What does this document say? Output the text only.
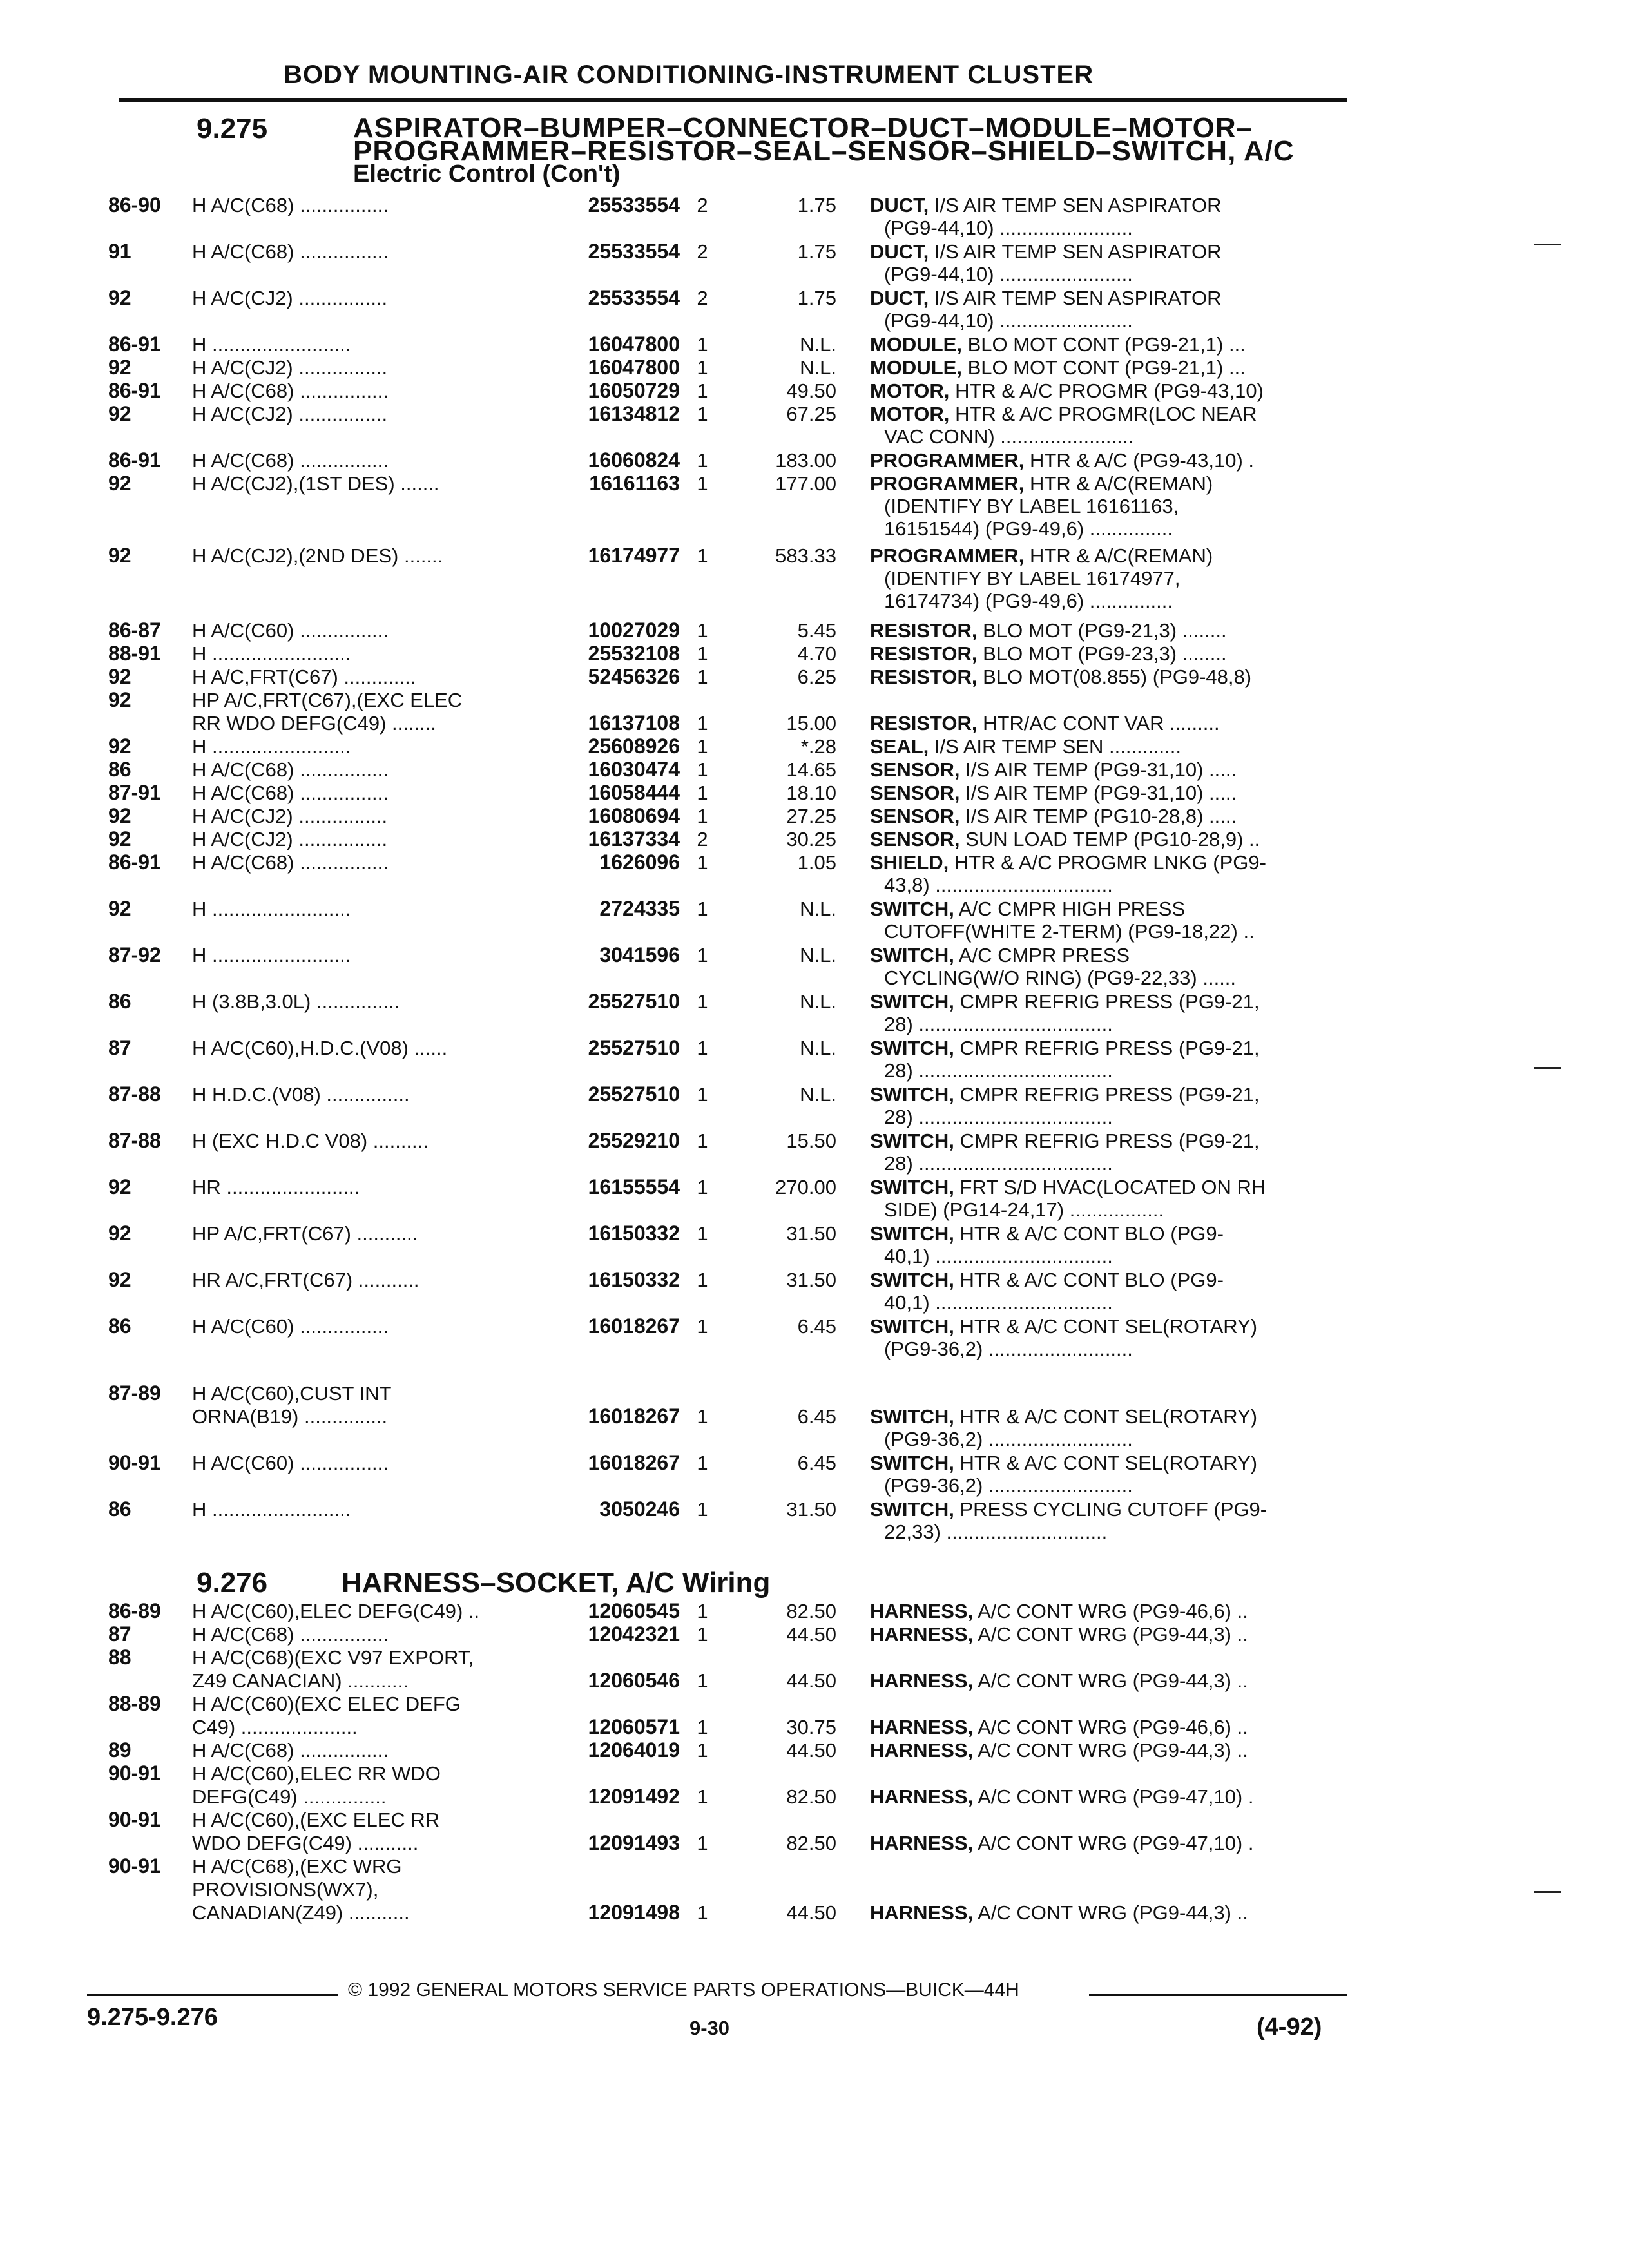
BODY MOUNTING-AIR CONDITIONING-INSTRUMENT CLUSTER
9.275	ASPIRATOR–BUMPER–CONNECTOR–DUCT–MODULE–MOTOR–
PROGRAMMER–RESISTOR–SEAL–SENSOR–SHIELD–SWITCH, A/C
Electric Control (Con't)
86-90 H A/C(C68) ................	25533554 2	1.75 DUCT, I/S AIR TEMP SEN ASPIRATOR
(PG9-44,10) ........................
91	H A/C(C68) ................	25533554 2	1.75 DUCT, I/S AIR TEMP SEN ASPIRATOR
(PG9-44,10) ........................
92	H A/C(CJ2) ................	25533554 2	1.75 DUCT, I/S AIR TEMP SEN ASPIRATOR
(PG9-44,10) ........................
86-91 H .........................	16047800 1	N.L. MODULE, BLO MOT CONT (PG9-21,1) ...
92	H A/C(CJ2) ................	16047800 1	N.L. MODULE, BLO MOT CONT (PG9-21,1) ...
86-91 H A/C(C68) ................	16050729 1	49.50 MOTOR, HTR & A/C PROGMR (PG9-43,10)
92	H A/C(CJ2) ................	16134812 1	67.25 MOTOR, HTR & A/C PROGMR(LOC NEAR
VAC CONN) ........................
86-91 H A/C(C68) ................	16060824 1	183.00 PROGRAMMER, HTR & A/C (PG9-43,10) .
92	H A/C(CJ2),(1ST DES) .......	16161163 1	177.00 PROGRAMMER, HTR & A/C(REMAN)
(IDENTIFY BY LABEL 16161163,
16151544) (PG9-49,6) ...............
92	H A/C(CJ2),(2ND DES) .......	16174977 1	583.33 PROGRAMMER, HTR & A/C(REMAN)
(IDENTIFY BY LABEL 16174977,
16174734) (PG9-49,6) ...............
86-87 H A/C(C60) ................	10027029 1	5.45 RESISTOR, BLO MOT (PG9-21,3) ........
88-91 H .........................	25532108 1	4.70 RESISTOR, BLO MOT (PG9-23,3) ........
92	H A/C,FRT(C67) .............	52456326 1	6.25 RESISTOR, BLO MOT(08.855) (PG9-48,8)
92	HP A/C,FRT(C67),(EXC ELEC
RR WDO DEFG(C49) ........	16137108 1	15.00 RESISTOR, HTR/AC CONT VAR .........
92	H .........................	25608926 1	*.28 SEAL, I/S AIR TEMP SEN .............
86	H A/C(C68) ................	16030474 1	14.65 SENSOR, I/S AIR TEMP (PG9-31,10) .....
87-91 H A/C(C68) ................	16058444 1	18.10 SENSOR, I/S AIR TEMP (PG9-31,10) .....
92	H A/C(CJ2) ................	16080694 1	27.25 SENSOR, I/S AIR TEMP (PG10-28,8) .....
92	H A/C(CJ2) ................	16137334 2	30.25 SENSOR, SUN LOAD TEMP (PG10-28,9) ..
86-91 H A/C(C68) ................	1626096 1	1.05 SHIELD, HTR & A/C PROGMR LNKG (PG9-
43,8) ................................
92	H .........................	2724335 1	N.L. SWITCH, A/C CMPR HIGH PRESS
CUTOFF(WHITE 2-TERM) (PG9-18,22) ..
87-92 H .........................	3041596 1	N.L. SWITCH, A/C CMPR PRESS
CYCLING(W/O RING) (PG9-22,33) ......
86	H (3.8B,3.0L) ...............	25527510 1	N.L. SWITCH, CMPR REFRIG PRESS (PG9-21,
28) ...................................
87	H A/C(C60),H.D.C.(V08) ......	25527510 1	N.L. SWITCH, CMPR REFRIG PRESS (PG9-21,
28) ...................................
87-88 H H.D.C.(V08) ...............	25527510 1	N.L. SWITCH, CMPR REFRIG PRESS (PG9-21,
28) ...................................
87-88 H (EXC H.D.C V08) ..........	25529210 1	15.50 SWITCH, CMPR REFRIG PRESS (PG9-21,
28) ...................................
92	HR ........................	16155554 1	270.00 SWITCH, FRT S/D HVAC(LOCATED ON RH
SIDE) (PG14-24,17) .................
92	HP A/C,FRT(C67) ...........	16150332 1	31.50 SWITCH, HTR & A/C CONT BLO (PG9-
40,1) ................................
92	HR A/C,FRT(C67) ...........	16150332 1	31.50 SWITCH, HTR & A/C CONT BLO (PG9-
40,1) ................................
86	H A/C(C60) ................	16018267 1	6.45 SWITCH, HTR & A/C CONT SEL(ROTARY)
(PG9-36,2) ..........................
87-89 H A/C(C60),CUST INT
ORNA(B19) ...............	16018267 1	6.45 SWITCH, HTR & A/C CONT SEL(ROTARY)
(PG9-36,2) ..........................
90-91 H A/C(C60) ................	16018267 1	6.45 SWITCH, HTR & A/C CONT SEL(ROTARY)
(PG9-36,2) ..........................
86	H .........................	3050246 1	31.50 SWITCH, PRESS CYCLING CUTOFF (PG9-
22,33) .............................
9.276	HARNESS–SOCKET, A/C Wiring
86-89 H A/C(C60),ELEC DEFG(C49) ..	12060545 1	82.50 HARNESS, A/C CONT WRG (PG9-46,6) ..
87	H A/C(C68) ................	12042321 1	44.50 HARNESS, A/C CONT WRG (PG9-44,3) ..
88	H A/C(C68)(EXC V97 EXPORT,
Z49 CANACIAN) ...........	12060546 1	44.50 HARNESS, A/C CONT WRG (PG9-44,3) ..
88-89 H A/C(C60)(EXC ELEC DEFG
C49) .....................	12060571 1	30.75 HARNESS, A/C CONT WRG (PG9-46,6) ..
89	H A/C(C68) ................	12064019 1	44.50 HARNESS, A/C CONT WRG (PG9-44,3) ..
90-91 H A/C(C60),ELEC RR WDO
DEFG(C49) ...............	12091492 1	82.50 HARNESS, A/C CONT WRG (PG9-47,10) .
90-91 H A/C(C60),(EXC ELEC RR
WDO DEFG(C49) ...........	12091493 1	82.50 HARNESS, A/C CONT WRG (PG9-47,10) .
90-91 H A/C(C68),(EXC WRG
PROVISIONS(WX7),
CANADIAN(Z49) ...........	12091498 1	44.50 HARNESS, A/C CONT WRG (PG9-44,3) ..
© 1992 GENERAL MOTORS SERVICE PARTS OPERATIONS—BUICK—44H
9.275-9.276	9-30	(4-92)
